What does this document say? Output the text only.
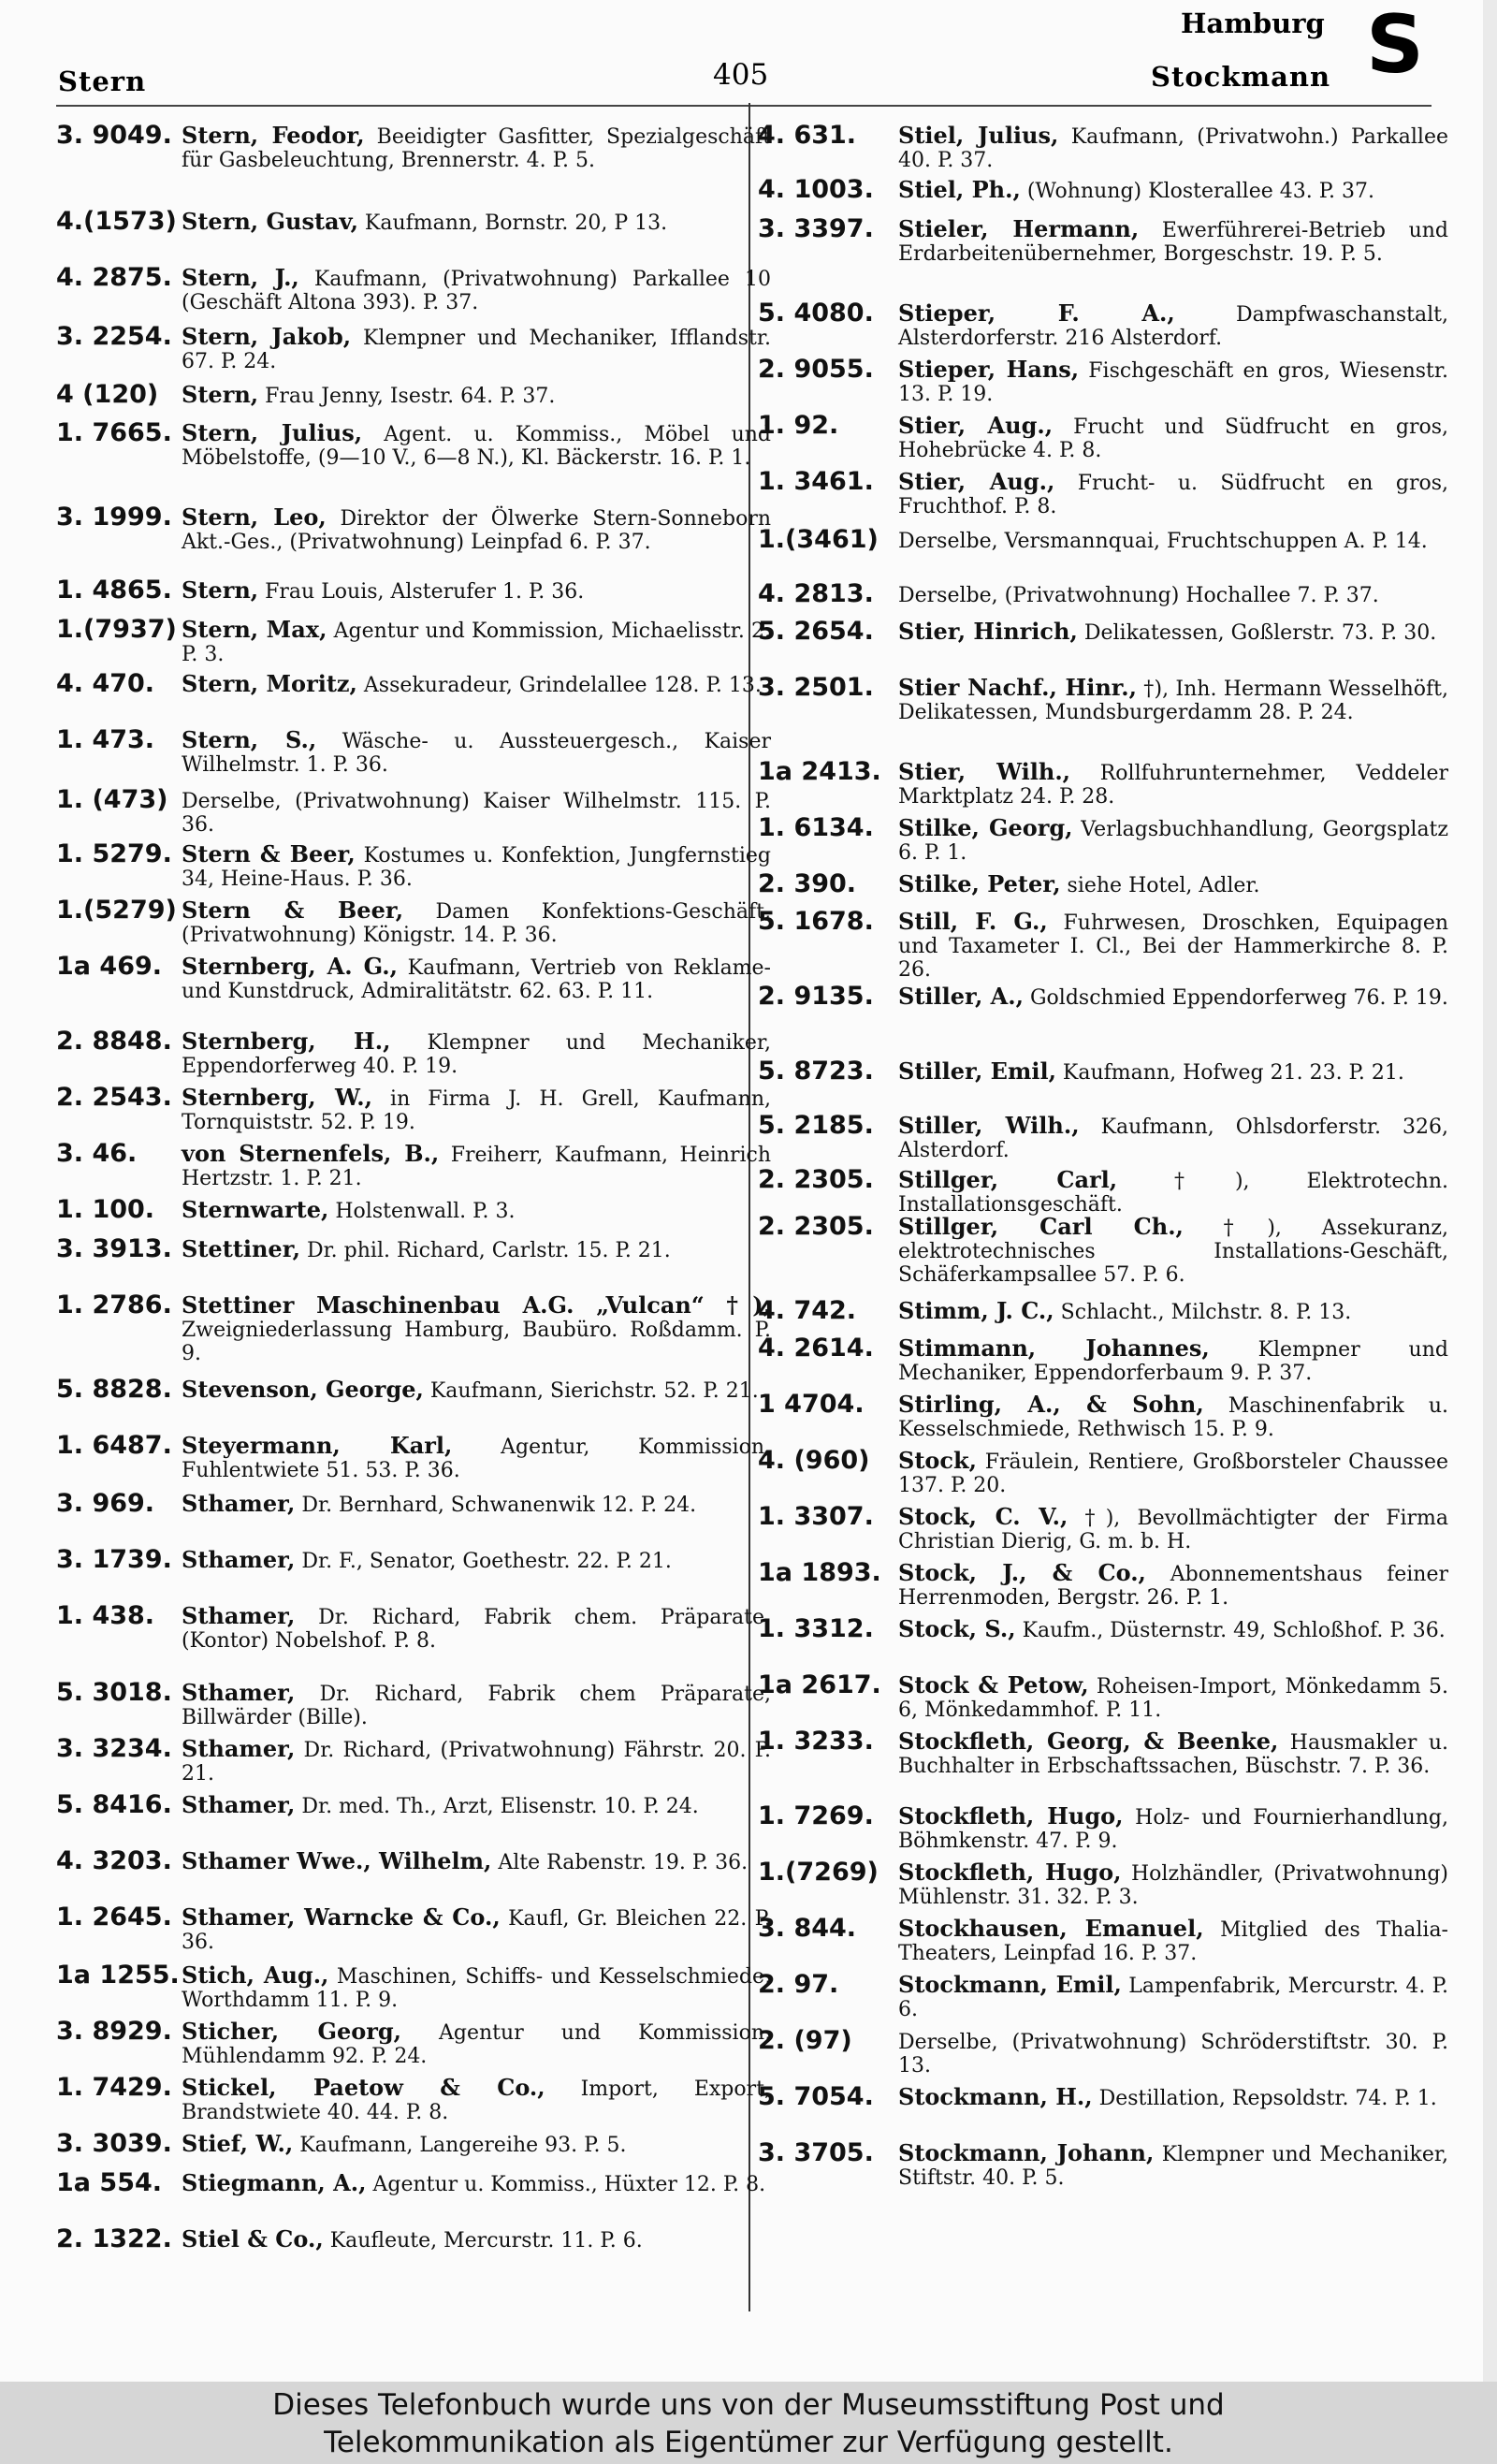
Stern	405
Hamburg
Stockmann S
3. 9049. Stern, Feodor, Beeidigter Gasfitter, Spezialgeschäft für Gasbeleuchtung, Brennerstr. 4. P. 5.
4.(1573) Stern, Gustav, Kaufmann, Bornstr. 20, P 13.
4. 2875. Stern, J., Kaufmann, (Privatwohnung) Parkallee 10 (Geschäft Altona 393). P. 37.
3. 2254. Stern, Jakob, Klempner und Mechaniker, Ifflandstr. 67. P. 24.
4 (120) Stern, Frau Jenny, Isestr. 64. P. 37.
1. 7665. Stern, Julius, Agent. u. Kommiss., Möbel und Möbelstoffe, (9—10 V., 6—8 N.), Kl. Bäckerstr. 16. P. 1.
3. 1999. Stern, Leo, Direktor der Ölwerke Stern-Sonneborn Akt.-Ges., (Privatwohnung) Leinpfad 6. P. 37.
1. 4865. Stern, Frau Louis, Alsterufer 1. P. 36.
1.(7937) Stern, Max, Agentur und Kommission, Michaelisstr. 2. P. 3.
4. 470. Stern, Moritz, Assekuradeur, Grindelallee 128. P. 13.
1. 473. Stern, S., Wäsche- u. Aussteuergesch., Kaiser Wilhelmstr. 1. P. 36.
1. (473) Derselbe, (Privatwohnung) Kaiser Wilhelmstr. 115. P. 36.
1. 5279. Stern & Beer, Kostumes u. Konfektion, Jungfernstieg 34, Heine-Haus. P. 36.
1.(5279) Stern & Beer, Damen Konfektions-Geschäft, (Privatwohnung) Königstr. 14. P. 36.
1a 469. Sternberg, A. G., Kaufmann, Vertrieb von Reklame- und Kunstdruck, Admiralitätstr. 62. 63. P. 11.
2. 8848. Sternberg, H., Klempner und Mechaniker, Eppendorferweg 40. P. 19.
2. 2543. Sternberg, W., in Firma J. H. Grell, Kaufmann, Tornquiststr. 52. P. 19.
3. 46. von Sternenfels, B., Freiherr, Kaufmann, Heinrich Hertzstr. 1. P. 21.
1. 100. Sternwarte, Holstenwall. P. 3.
3. 3913. Stettiner, Dr. phil. Richard, Carlstr. 15. P. 21.
1. 2786. Stettiner Maschinenbau A.G. „Vulcan“ †), Zweigniederlassung Hamburg, Baubüro. Roßdamm. P. 9.
5. 8828. Stevenson, George, Kaufmann, Sierichstr. 52. P. 21.
1. 6487. Steyermann, Karl, Agentur, Kommission, Fuhlentwiete 51. 53. P. 36.
3. 969. Sthamer, Dr. Bernhard, Schwanenwik 12. P. 24.
3. 1739. Sthamer, Dr. F., Senator, Goethestr. 22. P. 21.
1. 438. Sthamer, Dr. Richard, Fabrik chem. Präparate, (Kontor) Nobelshof. P. 8.
5. 3018. Sthamer, Dr. Richard, Fabrik chem Präparate, Billwärder (Bille).
3. 3234. Sthamer, Dr. Richard, (Privatwohnung) Fährstr. 20. P. 21.
5. 8416. Sthamer, Dr. med. Th., Arzt, Elisenstr. 10. P. 24.
4. 3203. Sthamer Wwe., Wilhelm, Alte Rabenstr. 19. P. 36.
1. 2645. Sthamer, Warncke & Co., Kaufl, Gr. Bleichen 22. P. 36.
1a 1255. Stich, Aug., Maschinen, Schiffs- und Kesselschmiede, Worthdamm 11. P. 9.
3. 8929. Sticher, Georg, Agentur und Kommission, Mühlendamm 92. P. 24.
1. 7429. Stickel, Paetow & Co., Import, Export, Brandstwiete 40. 44. P. 8.
3. 3039. Stief, W., Kaufmann, Langereihe 93. P. 5.
1a 554. Stiegmann, A., Agentur u. Kommiss., Hüxter 12. P. 8.
2. 1322. Stiel & Co., Kaufleute, Mercurstr. 11. P. 6.
4. 631. Stiel, Julius, Kaufmann, (Privatwohn.) Parkallee 40. P. 37.
4. 1003. Stiel, Ph., (Wohnung) Klosterallee 43. P. 37.
3. 3397. Stieler, Hermann, Ewerführerei-Betrieb und Erdarbeitenübernehmer, Borgeschstr. 19. P. 5.
5. 4080. Stieper, F. A., Dampfwaschanstalt, Alsterdorferstr. 216 Alsterdorf.
2. 9055. Stieper, Hans, Fischgeschäft en gros, Wiesenstr. 13. P. 19.
1. 92.	Stier, Aug., Frucht und Südfrucht en gros, Hohebrücke 4. P. 8.
1. 3461. Stier, Aug., Frucht- u. Südfrucht en gros, Fruchthof. P. 8.
1.(3461) Derselbe, Versmannquai, Fruchtschuppen A. P. 14.
4. 2813. Derselbe, (Privatwohnung) Hochallee 7. P. 37.
5. 2654. Stier, Hinrich, Delikatessen, Goßlerstr. 73. P. 30.
3. 2501. Stier Nachf., Hinr., †), Inh. Hermann Wesselhöft, Delikatessen, Mundsburgerdamm 28. P. 24.
1a 2413. Stier, Wilh., Rollfuhrunternehmer, Veddeler Marktplatz 24. P. 28.
1. 6134. Stilke, Georg, Verlagsbuchhandlung, Georgsplatz 6. P. 1.
2. 390. Stilke, Peter, siehe Hotel, Adler.
5. 1678. Still, F. G., Fuhrwesen, Droschken, Equipagen und Taxameter I. Cl., Bei der Hammerkirche 8. P. 26.
2. 9135. Stiller, A., Goldschmied Eppendorferweg 76. P. 19.
5. 8723. Stiller, Emil, Kaufmann, Hofweg 21. 23. P. 21.
5. 2185. Stiller, Wilh., Kaufmann, Ohlsdorferstr. 326, Alsterdorf.
2. 2305. Stillger, Carl, †), Elektrotechn. Installationsgeschäft.
2. 2305. Stillger, Carl Ch., †), Assekuranz, elektrotechnisches Installations-Geschäft, Schäferkampsallee 57. P. 6.
4. 742. Stimm, J. C., Schlacht., Milchstr. 8. P. 13.
4. 2614. Stimmann, Johannes, Klempner und Mechaniker, Eppendorferbaum 9. P. 37.
1 4704. Stirling, A., & Sohn, Maschinenfabrik u. Kesselschmiede, Rethwisch 15. P. 9.
4. (960) Stock, Fräulein, Rentiere, Großborsteler Chaussee 137. P. 20.
1. 3307. Stock, C. V., †), Bevollmächtigter der Firma Christian Dierig, G. m. b. H.
1a 1893. Stock, J., & Co., Abonnementshaus feiner Herrenmoden, Bergstr. 26. P. 1.
1. 3312. Stock, S., Kaufm., Düsternstr. 49, Schloßhof. P. 36.
1a 2617. Stock & Petow, Roheisen-Import, Mönkedamm 5. 6, Mönkedammhof. P. 11.
1. 3233. Stockfleth, Georg, & Beenke, Hausmakler u. Buchhalter in Erbschaftssachen, Büschstr. 7. P. 36.
1. 7269. Stockfleth, Hugo, Holz- und Fournierhandlung, Böhmkenstr. 47. P. 9.
1.(7269) Stockfleth, Hugo, Holzhändler, (Privatwohnung) Mühlenstr. 31. 32. P. 3.
3. 844. Stockhausen, Emanuel, Mitglied des Thalia-Theaters, Leinpfad 16. P. 37.
2. 97.	Stockmann, Emil, Lampenfabrik, Mercurstr. 4. P. 6.
2. (97) Derselbe, (Privatwohnung) Schröderstiftstr. 30. P. 13.
5. 7054. Stockmann, H., Destillation, Repsoldstr. 74. P. 1.
3. 3705. Stockmann, Johann, Klempner und Mechaniker, Stiftstr. 40. P. 5.
Dieses Telefonbuch wurde uns von der Museumsstiftung Post und
Telekommunikation als Eigentümer zur Verfügung gestellt.
